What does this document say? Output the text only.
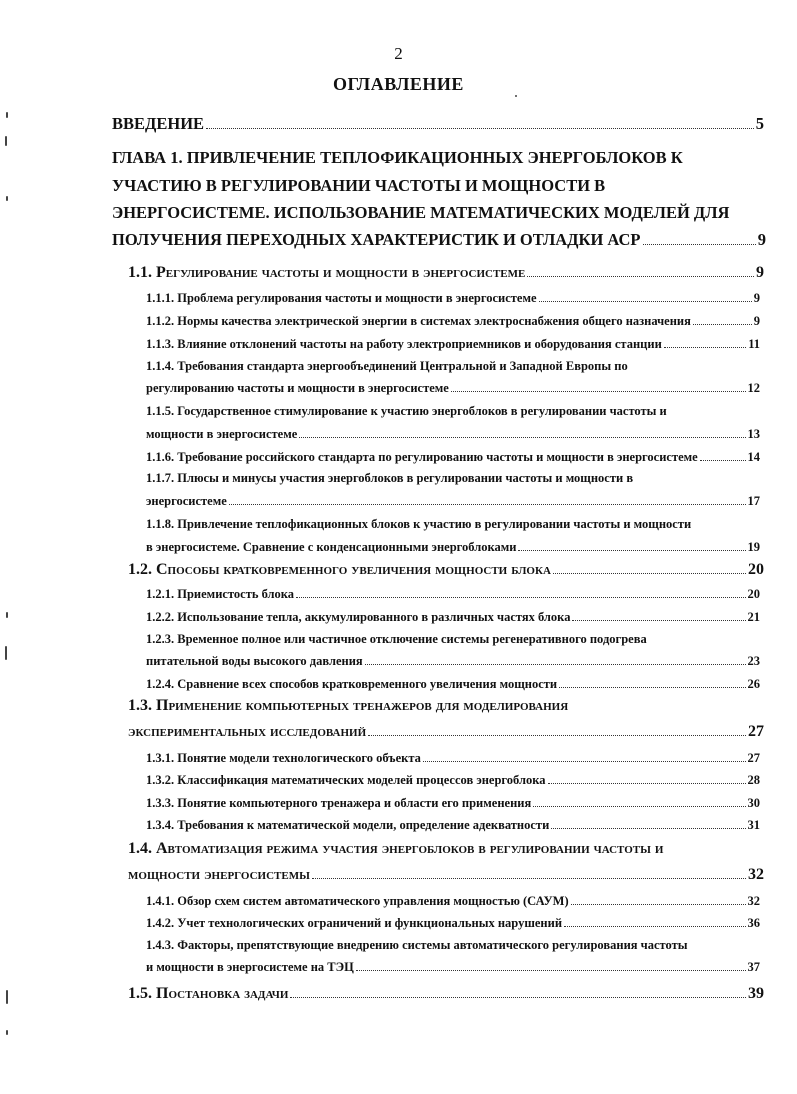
2
ОГЛАВЛЕНИЕ
ВВЕДЕНИЕ	5
ГЛАВА 1. ПРИВЛЕЧЕНИЕ ТЕПЛОФИКАЦИОННЫХ ЭНЕРГОБЛОКОВ К
УЧАСТИЮ В РЕГУЛИРОВАНИИ ЧАСТОТЫ И МОЩНОСТИ В
ЭНЕРГОСИСТЕМЕ. ИСПОЛЬЗОВАНИЕ МАТЕМАТИЧЕСКИХ МОДЕЛЕЙ ДЛЯ
ПОЛУЧЕНИЯ ПЕРЕХОДНЫХ ХАРАКТЕРИСТИК И ОТЛАДКИ АСР	9
1.1. Регулирование частоты и мощности в энергосистеме	9
1.1.1. Проблема регулирования частоты и мощности в энергосистеме	9
1.1.2. Нормы качества электрической энергии в системах электроснабжения общего назначения	9
1.1.3. Влияние отклонений частоты на работу электроприемников и оборудования станции	11
1.1.4. Требования стандарта энергообъединений Центральной и Западной Европы по
регулированию частоты и мощности в энергосистеме	12
1.1.5. Государственное стимулирование к участию энергоблоков в регулировании частоты и
мощности в энергосистеме	13
1.1.6. Требование российского стандарта по регулированию частоты и мощности в энергосистеме	14
1.1.7. Плюсы и минусы участия энергоблоков в регулировании частоты и мощности в
энергосистеме	17
1.1.8. Привлечение теплофикационных блоков к участию в регулировании частоты и мощности
в энергосистеме. Сравнение с конденсационными энергоблоками	19
1.2. Способы кратковременного увеличения мощности блока	20
1.2.1. Приемистость блока	20
1.2.2. Использование тепла, аккумулированного в различных частях блока	21
1.2.3. Временное полное или частичное отключение системы регенеративного подогрева
питательной воды высокого давления	23
1.2.4. Сравнение всех способов кратковременного увеличения мощности	26
1.3. Применение компьютерных тренажеров для моделирования
экспериментальных исследований	27
1.3.1. Понятие модели технологического объекта	27
1.3.2. Классификация математических моделей процессов энергоблока	28
1.3.3. Понятие компьютерного тренажера и области его применения	30
1.3.4. Требования к математической модели, определение адекватности	31
1.4. Автоматизация режима участия энергоблоков в регулировании частоты и
мощности энергосистемы	32
1.4.1. Обзор схем систем автоматического управления мощностью (САУМ)	32
1.4.2. Учет технологических ограничений и функциональных нарушений	36
1.4.3. Факторы, препятствующие внедрению системы автоматического регулирования частоты
и мощности в энергосистеме на ТЭЦ	37
1.5. Постановка задачи	39
